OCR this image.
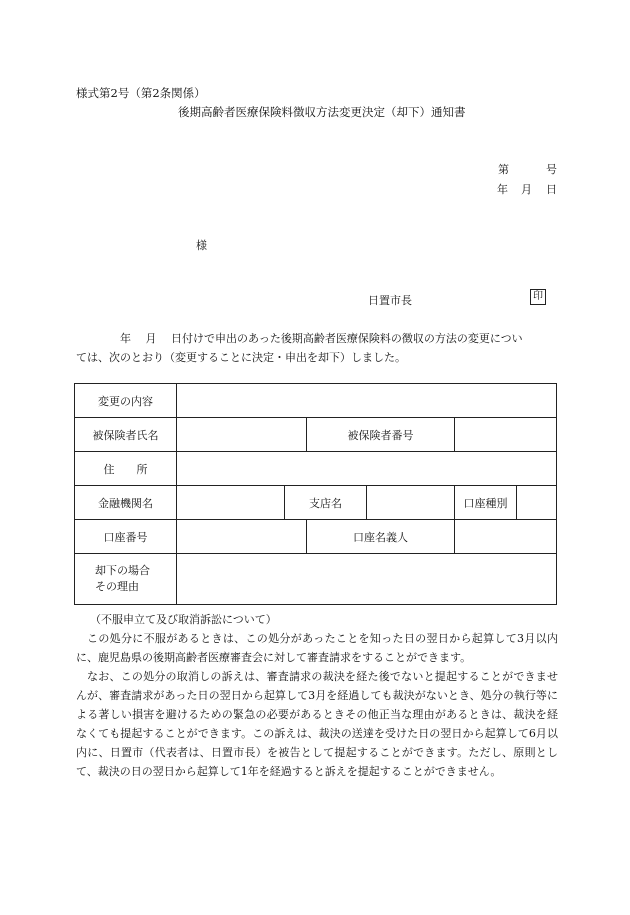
様式第2号（第2条関係）
後期高齢者医療保険料徴収方法変更決定（却下）通知書
第	号
年 月 日
様
日置市長	印
年　 月　 日付けで申出のあった後期高齢者医療保険料の徴収の方法の変更につい
ては、次のとおり（変更することに決定・申出を却下）しました。
変更の内容						
被保険者氏名			被保険者番号			
住　　所						
金融機関名		支店名			口座種別	
口座番号			口座名義人			
却下の場合
その理由						

（不服申立て及び取消訴訟について）

この処分に不服があるときは、この処分があったことを知った日の翌日から起算して3月以内に、鹿児島県の後期高齢者医療審査会に対して審査請求をすることができます。

なお、この処分の取消しの訴えは、審査請求の裁決を経た後でないと提起することができませんが、審査請求があった日の翌日から起算して3月を経過しても裁決がないとき、処分の執行等による著しい損害を避けるための緊急の必要があるときその他正当な理由があるときは、裁決を経なくても提起することができます。この訴えは、裁決の送達を受けた日の翌日から起算して6月以内に、日置市（代表者は、日置市長）を被告として提起することができます。ただし、原則として、裁決の日の翌日から起算して1年を経過すると訴えを提起することができません。
